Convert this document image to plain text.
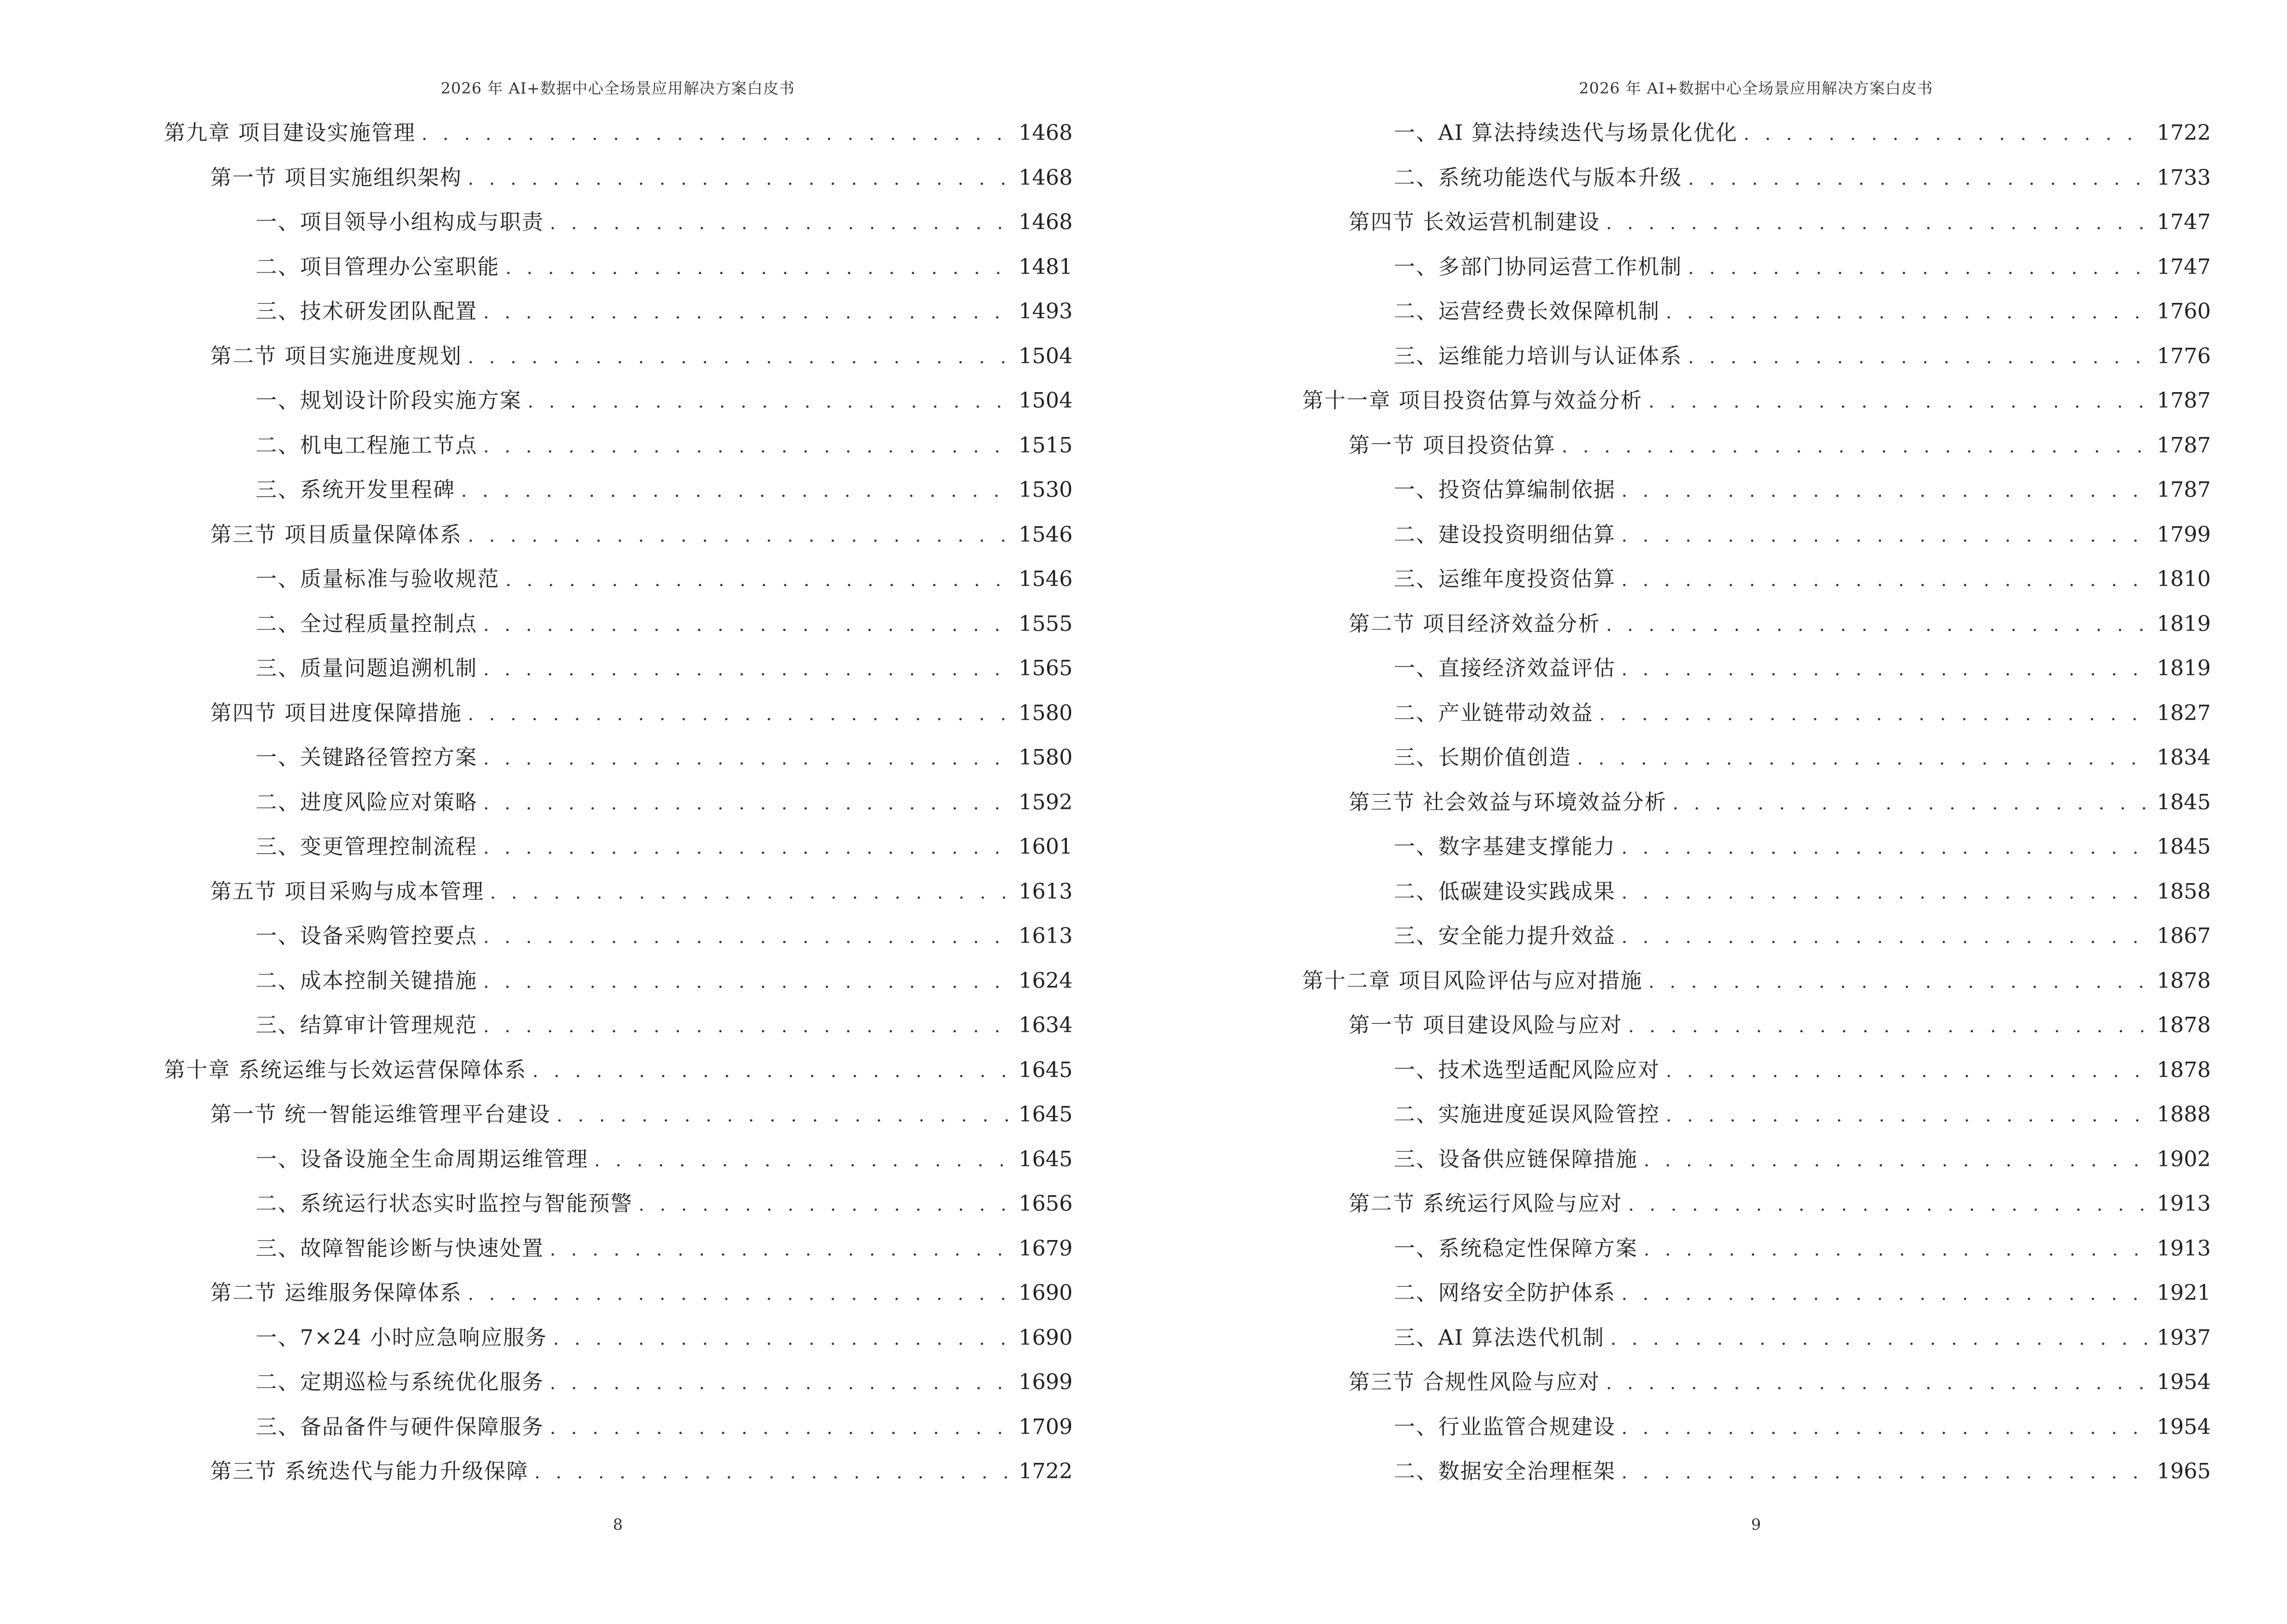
2026 年 AI+数据中心全场景应用解决方案白皮书
第九章 项目建设实施管理 . . .	1468
第一节 项目实施组织架构 . . .	1468
一、项目领导小组构成与职责 . . .	1468
二、项目管理办公室职能 . . .	1481
三、技术研发团队配置 . . .	1493
第二节 项目实施进度规划 . . .	1504
一、规划设计阶段实施方案 . . .	1504
二、机电工程施工节点 . . .	1515
三、系统开发里程碑 . . .	1530
第三节 项目质量保障体系 . . .	1546
一、质量标准与验收规范 . . .	1546
二、全过程质量控制点 . . .	1555
三、质量问题追溯机制 . . .	1565
第四节 项目进度保障措施 . . .	1580
一、关键路径管控方案 . . .	1580
二、进度风险应对策略 . . .	1592
三、变更管理控制流程 . . .	1601
第五节 项目采购与成本管理 . . .	1613
一、设备采购管控要点 . . .	1613
二、成本控制关键措施 . . .	1624
三、结算审计管理规范 . . .	1634
第十章 系统运维与长效运营保障体系 . . .	1645
第一节 统一智能运维管理平台建设 . . .	1645
一、设备设施全生命周期运维管理 . . .	1645
二、系统运行状态实时监控与智能预警 . . .	1656
三、故障智能诊断与快速处置 . . .	1679
第二节 运维服务保障体系 . . .	1690
一、7×24 小时应急响应服务 . . .	1690
二、定期巡检与系统优化服务 . . .	1699
三、备品备件与硬件保障服务 . . .	1709
第三节 系统迭代与能力升级保障 . . .	1722
8
2026 年 AI+数据中心全场景应用解决方案白皮书
一、AI 算法持续迭代与场景化优化 . . .	1722
二、系统功能迭代与版本升级 . . .	1733
第四节 长效运营机制建设 . . .	1747
一、多部门协同运营工作机制 . . .	1747
二、运营经费长效保障机制 . . .	1760
三、运维能力培训与认证体系 . . .	1776
第十一章 项目投资估算与效益分析 . . .	1787
第一节 项目投资估算 . . .	1787
一、投资估算编制依据 . . .	1787
二、建设投资明细估算 . . .	1799
三、运维年度投资估算 . . .	1810
第二节 项目经济效益分析 . . .	1819
一、直接经济效益评估 . . .	1819
二、产业链带动效益 . . .	1827
三、长期价值创造 . . .	1834
第三节 社会效益与环境效益分析 . . .	1845
一、数字基建支撑能力 . . .	1845
二、低碳建设实践成果 . . .	1858
三、安全能力提升效益 . . .	1867
第十二章 项目风险评估与应对措施 . . .	1878
第一节 项目建设风险与应对 . . .	1878
一、技术选型适配风险应对 . . .	1878
二、实施进度延误风险管控 . . .	1888
三、设备供应链保障措施 . . .	1902
第二节 系统运行风险与应对 . . .	1913
一、系统稳定性保障方案 . . .	1913
二、网络安全防护体系 . . .	1921
三、AI 算法迭代机制 . . .	1937
第三节 合规性风险与应对 . . .	1954
一、行业监管合规建设 . . .	1954
二、数据安全治理框架 . . .	1965
9
